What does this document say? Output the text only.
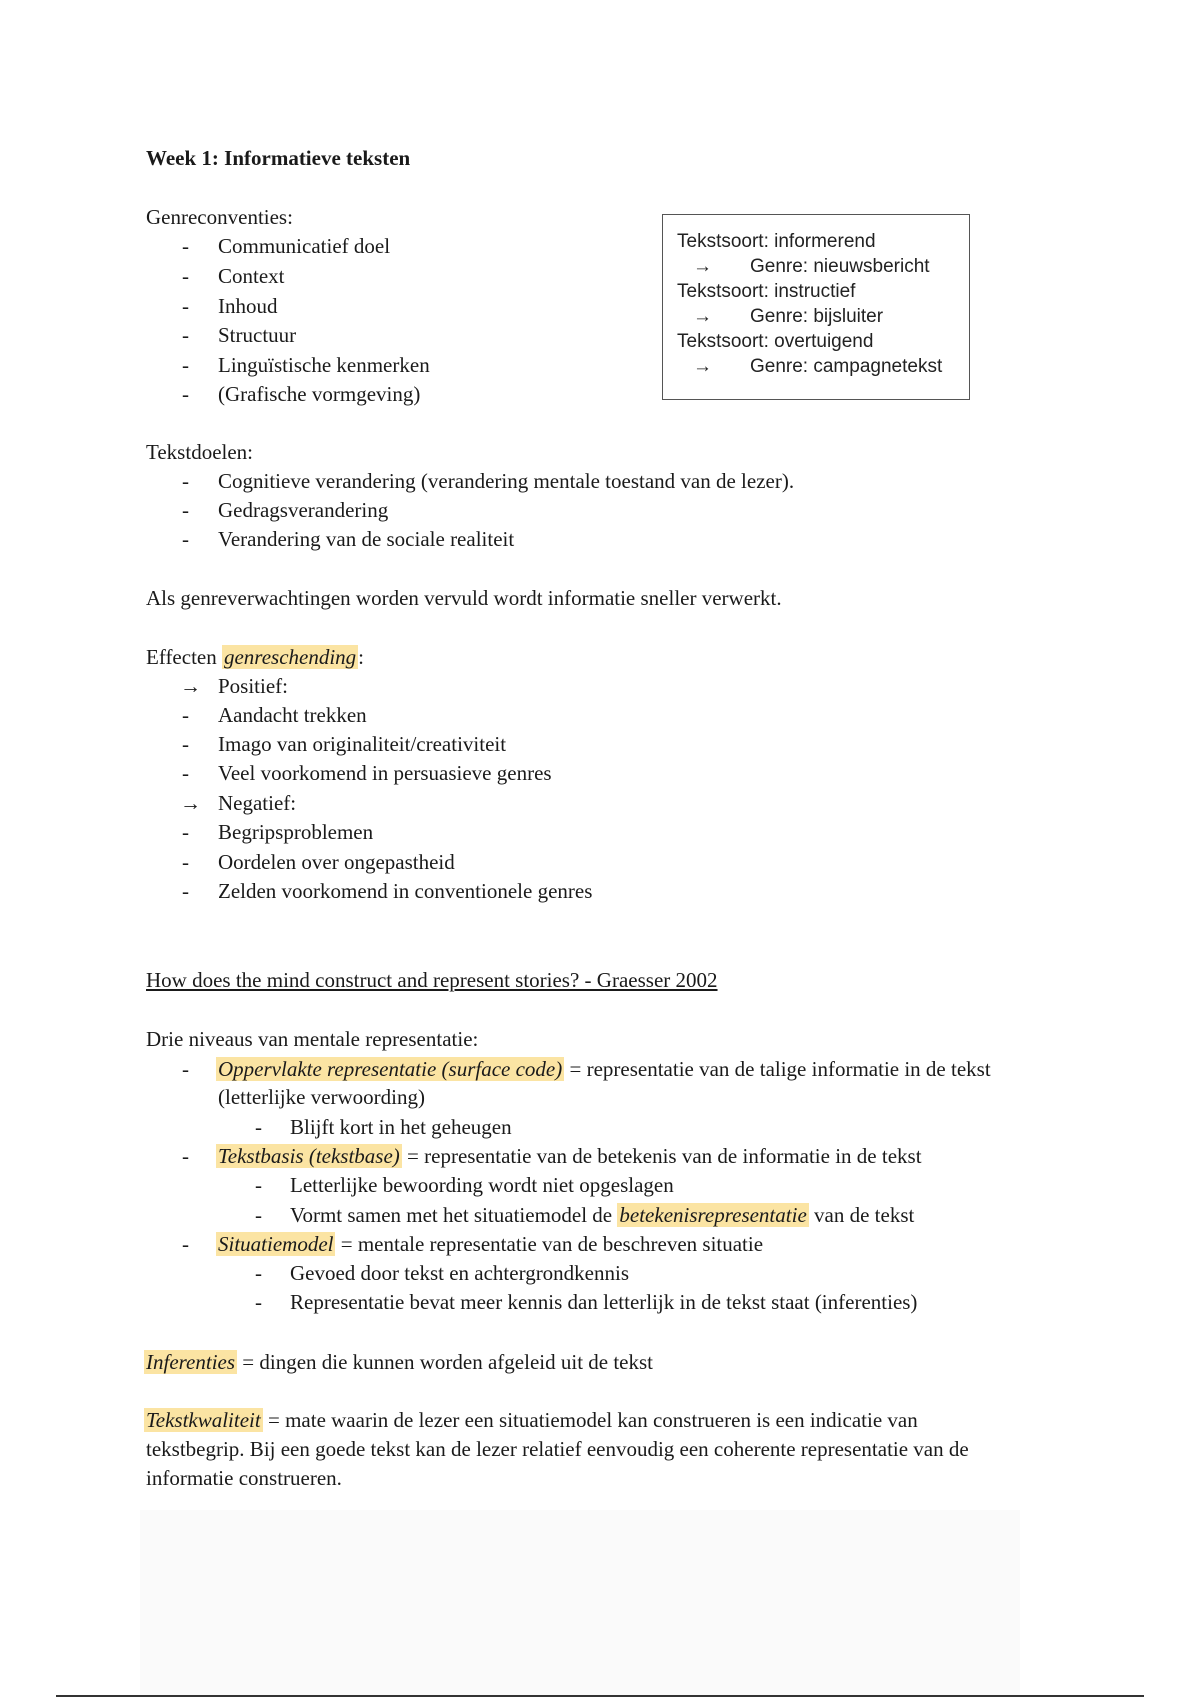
Week 1: Informatieve teksten
Genreconventies:
- Communicatief doel
- Context
- Inhoud
- Structuur
- Linguïstische kenmerken
- (Grafische vormgeving)
Tekstsoort: informerend
→ Genre: nieuwsbericht
Tekstsoort: instructief
→ Genre: bijsluiter
Tekstsoort: overtuigend
→ Genre: campagnetekst
Tekstdoelen:
- Cognitieve verandering (verandering mentale toestand van de lezer).
- Gedragsverandering
- Verandering van de sociale realiteit
Als genreverwachtingen worden vervuld wordt informatie sneller verwerkt.
Effecten genreschending:
→ Positief:
- Aandacht trekken
- Imago van originaliteit/creativiteit
- Veel voorkomend in persuasieve genres
→ Negatief:
- Begripsproblemen
- Oordelen over ongepastheid
- Zelden voorkomend in conventionele genres
How does the mind construct and represent stories? - Graesser 2002
Drie niveaus van mentale representatie:
- Oppervlakte representatie (surface code) = representatie van de talige informatie in de tekst
(letterlijke verwoording)
- Blijft kort in het geheugen
- Tekstbasis (tekstbase) = representatie van de betekenis van de informatie in de tekst
- Letterlijke bewoording wordt niet opgeslagen
- Vormt samen met het situatiemodel de betekenisrepresentatie van de tekst
- Situatiemodel = mentale representatie van de beschreven situatie
- Gevoed door tekst en achtergrondkennis
- Representatie bevat meer kennis dan letterlijk in de tekst staat (inferenties)
Inferenties = dingen die kunnen worden afgeleid uit de tekst
Tekstkwaliteit = mate waarin de lezer een situatiemodel kan construeren is een indicatie van
tekstbegrip. Bij een goede tekst kan de lezer relatief eenvoudig een coherente representatie van de
informatie construeren.
